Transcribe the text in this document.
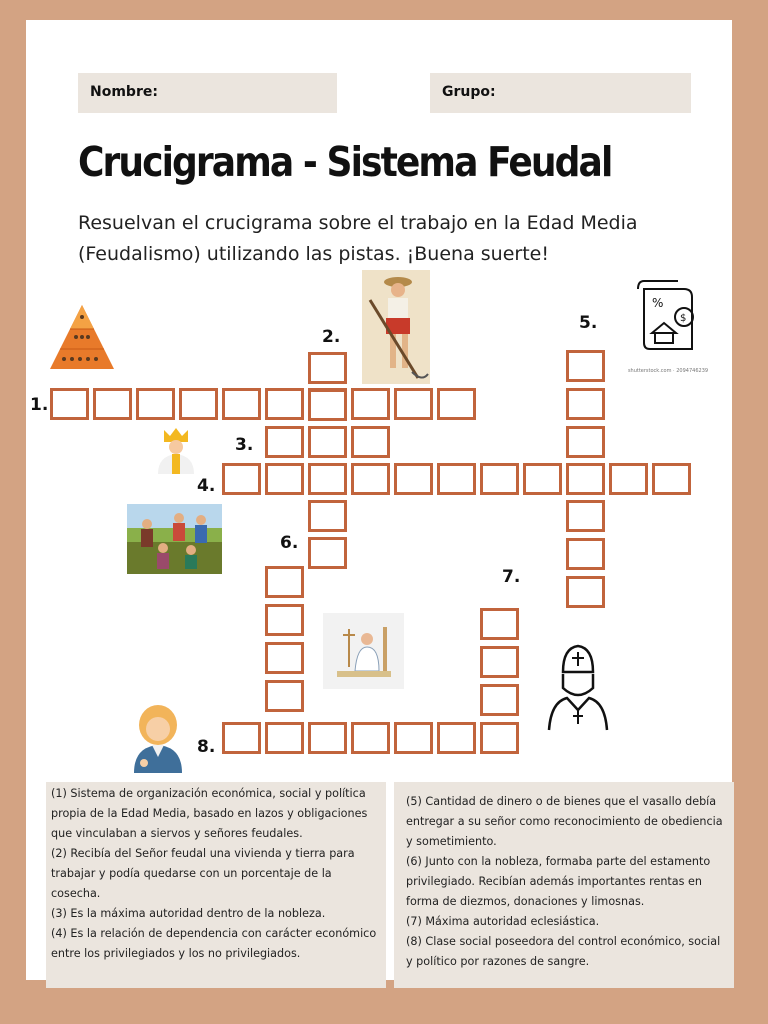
Nombre:	Grupo:
Crucigrama - Sistema Feudal
Resuelvan el crucigrama sobre el trabajo en la Edad Media (Feudalismo) utilizando las pistas. ¡Buena suerte!
1.
2.
3.
4.
5.
6.
7.
8.
%
$
shutterstock.com · 2094746239

(1) Sistema de organización económica, social y política propia de la Edad Media, basado en lazos y obligaciones que vinculaban a siervos y señores feudales.

(2) Recibía del Señor feudal una vivienda y tierra para trabajar y podía quedarse con un porcentaje de la cosecha.

(3) Es la máxima autoridad dentro de la nobleza.

(4) Es la relación de dependencia con carácter económico entre los privilegiados y los no privilegiados.

(5) Cantidad de dinero o de bienes que el vasallo debía entregar a su señor como reconocimiento de obediencia y sometimiento.

(6) Junto con la nobleza, formaba parte del estamento privilegiado. Recibían además importantes rentas en forma de diezmos, donaciones y limosnas.

(7) Máxima autoridad eclesiástica.

(8) Clase social poseedora del control económico, social y político por razones de sangre.
